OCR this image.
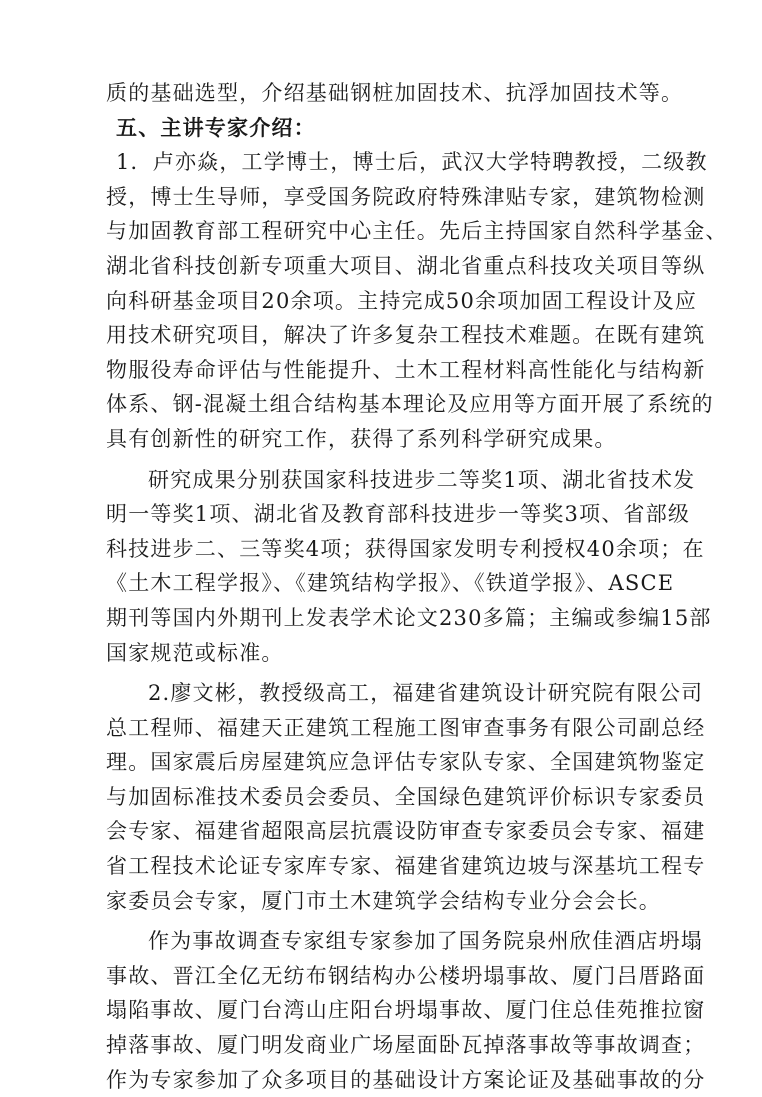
质的基础选型，介绍基础钢桩加固技术、抗浮加固技术等。
五、主讲专家介绍：
1．卢亦焱，工学博士，博士后，武汉大学特聘教授，二级教
授，博士生导师，享受国务院政府特殊津贴专家，建筑物检测
与加固教育部工程研究中心主任。先后主持国家自然科学基金、
湖北省科技创新专项重大项目、湖北省重点科技攻关项目等纵
向科研基金项目20余项。主持完成50余项加固工程设计及应
用技术研究项目，解决了许多复杂工程技术难题。在既有建筑
物服役寿命评估与性能提升、土木工程材料高性能化与结构新
体系、钢-混凝土组合结构基本理论及应用等方面开展了系统的
具有创新性的研究工作，获得了系列科学研究成果。
研究成果分别获国家科技进步二等奖1项、湖北省技术发
明一等奖1项、湖北省及教育部科技进步一等奖3项、省部级
科技进步二、三等奖4项；获得国家发明专利授权40余项；在
《土木工程学报》、《建筑结构学报》、《铁道学报》、ASCE
期刊等国内外期刊上发表学术论文230多篇；主编或参编15部
国家规范或标准。
2.廖文彬，教授级高工，福建省建筑设计研究院有限公司
总工程师、福建天正建筑工程施工图审查事务有限公司副总经
理。国家震后房屋建筑应急评估专家队专家、全国建筑物鉴定
与加固标准技术委员会委员、全国绿色建筑评价标识专家委员
会专家、福建省超限高层抗震设防审查专家委员会专家、福建
省工程技术论证专家库专家、福建省建筑边坡与深基坑工程专
家委员会专家，厦门市土木建筑学会结构专业分会会长。
作为事故调查专家组专家参加了国务院泉州欣佳酒店坍塌
事故、晋江全亿无纺布钢结构办公楼坍塌事故、厦门吕厝路面
塌陷事故、厦门台湾山庄阳台坍塌事故、厦门住总佳苑推拉窗
掉落事故、厦门明发商业广场屋面卧瓦掉落事故等事故调查；
作为专家参加了众多项目的基础设计方案论证及基础事故的分
